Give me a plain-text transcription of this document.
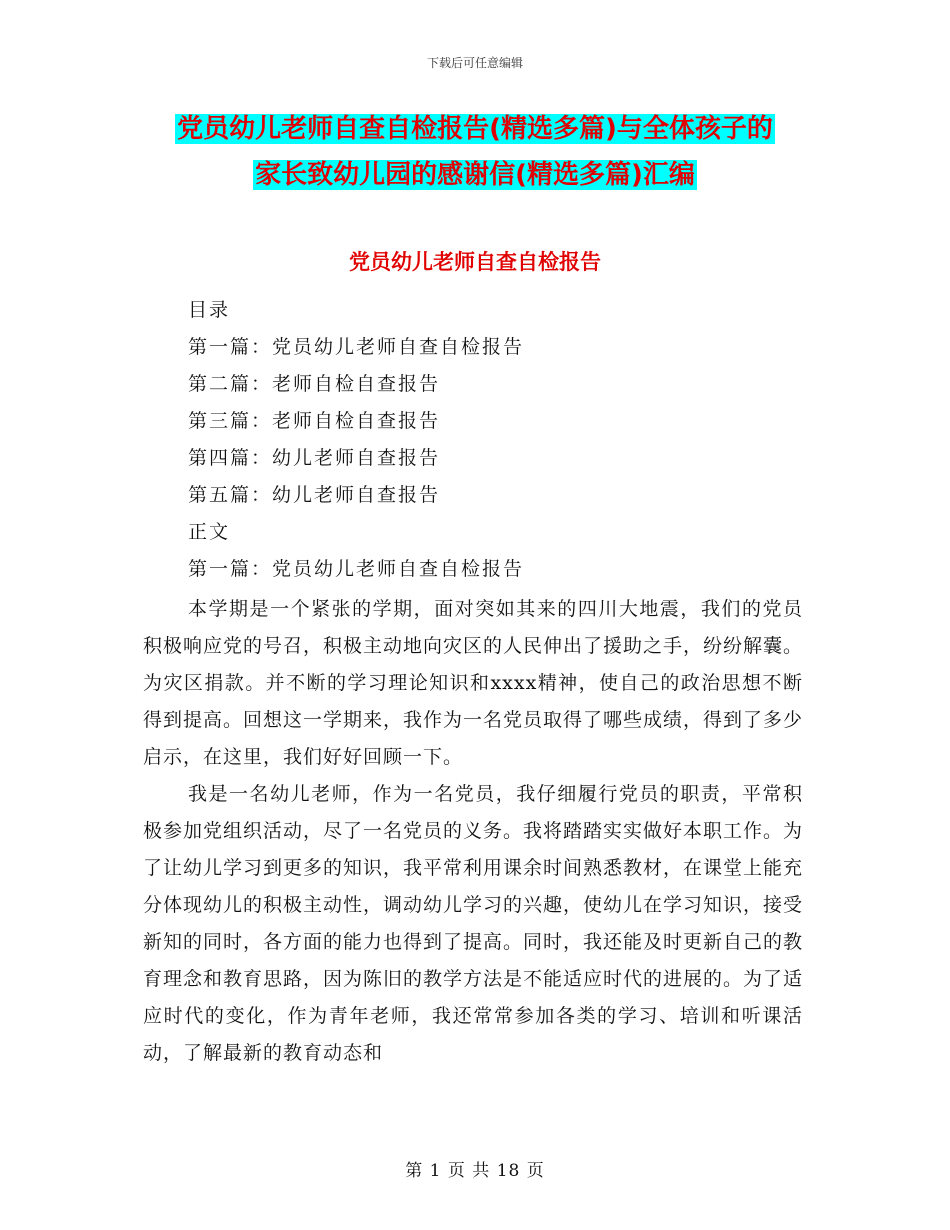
下载后可任意编辑
党员幼儿老师自查自检报告(精选多篇)与全体孩子的
家长致幼儿园的感谢信(精选多篇)汇编
党员幼儿老师自查自检报告
目录
第一篇：党员幼儿老师自查自检报告
第二篇：老师自检自查报告
第三篇：老师自检自查报告
第四篇：幼儿老师自查报告
第五篇：幼儿老师自查报告
正文
第一篇：党员幼儿老师自查自检报告

本学期是一个紧张的学期，面对突如其来的四川大地震，我们的党员积极响应党的号召，积极主动地向灾区的人民伸出了援助之手，纷纷解囊。为灾区捐款。并不断的学习理论知识和xxxx精神，使自己的政治思想不断得到提高。回想这一学期来，我作为一名党员取得了哪些成绩，得到了多少启示，在这里，我们好好回顾一下。

我是一名幼儿老师，作为一名党员，我仔细履行党员的职责，平常积极参加党组织活动，尽了一名党员的义务。我将踏踏实实做好本职工作。为了让幼儿学习到更多的知识，我平常利用课余时间熟悉教材，在课堂上能充分体现幼儿的积极主动性，调动幼儿学习的兴趣，使幼儿在学习知识，接受新知的同时，各方面的能力也得到了提高。同时，我还能及时更新自己的教育理念和教育思路，因为陈旧的教学方法是不能适应时代的进展的。为了适应时代的变化，作为青年老师，我还常常参加各类的学习、培训和听课活动，了解最新的教育动态和

第 1 页 共 18 页
